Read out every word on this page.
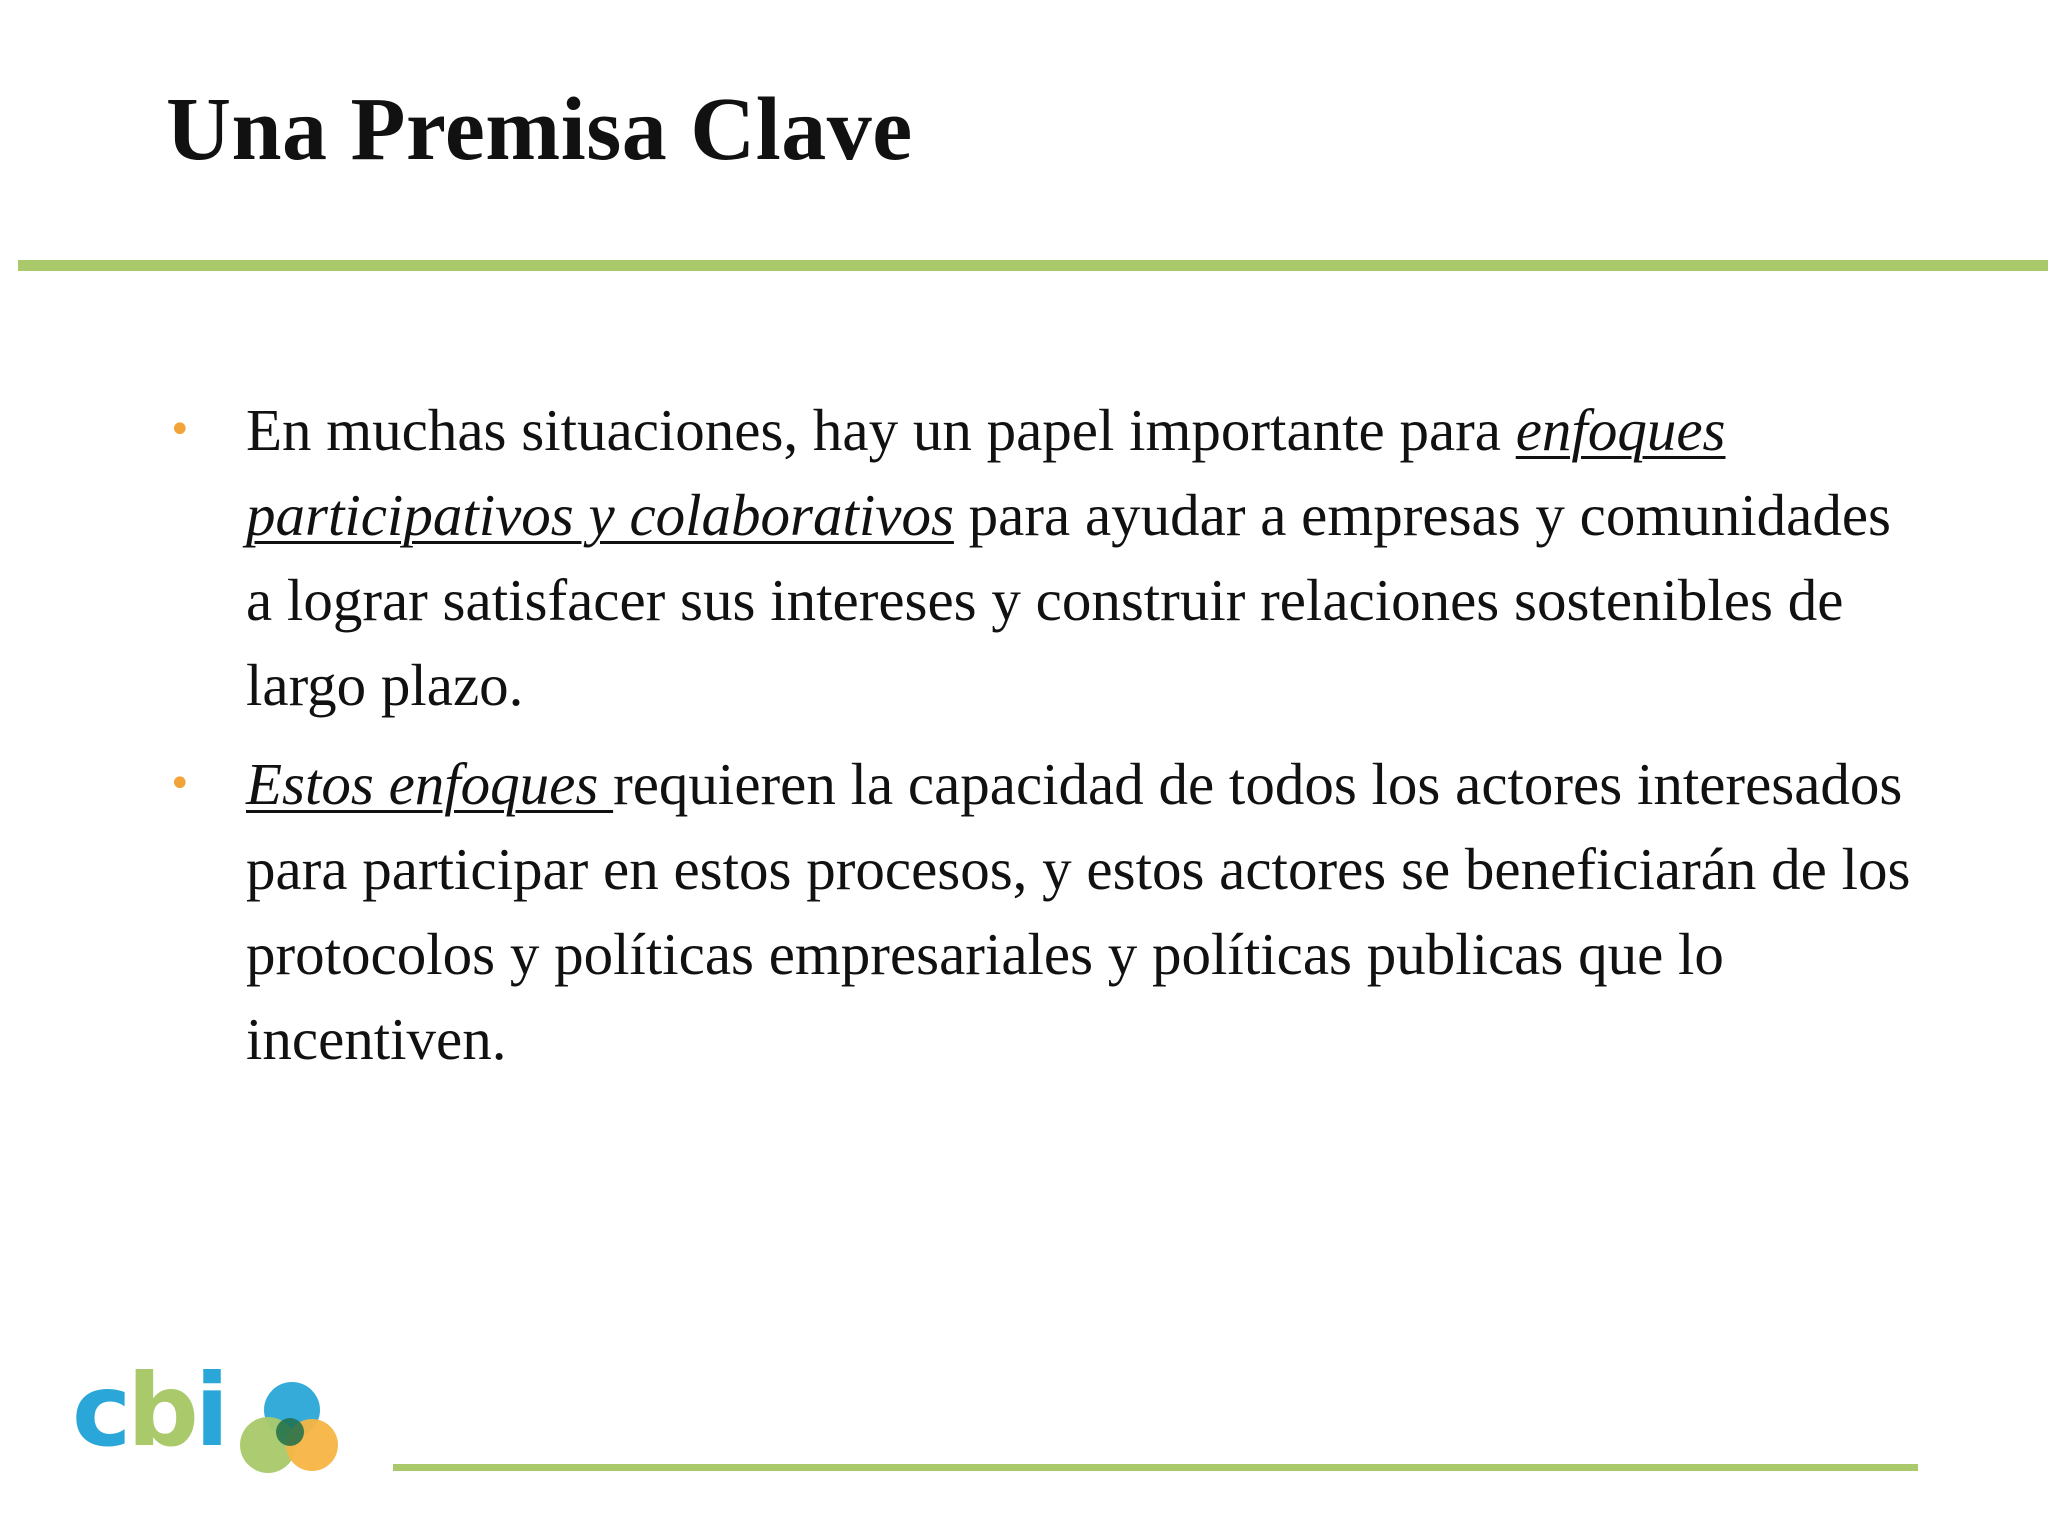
Una Premisa Clave
• En muchas situaciones, hay un papel importante para enfoques participativos y colaborativos para ayudar a empresas y comunidades a lograr satisfacer sus intereses y construir relaciones sostenibles de largo plazo.
• Estos enfoques requieren la capacidad de todos los actores interesados para participar en estos procesos, y estos actores se beneficiarán de los protocolos y políticas empresariales y políticas publicas que lo incentiven.
cbi
